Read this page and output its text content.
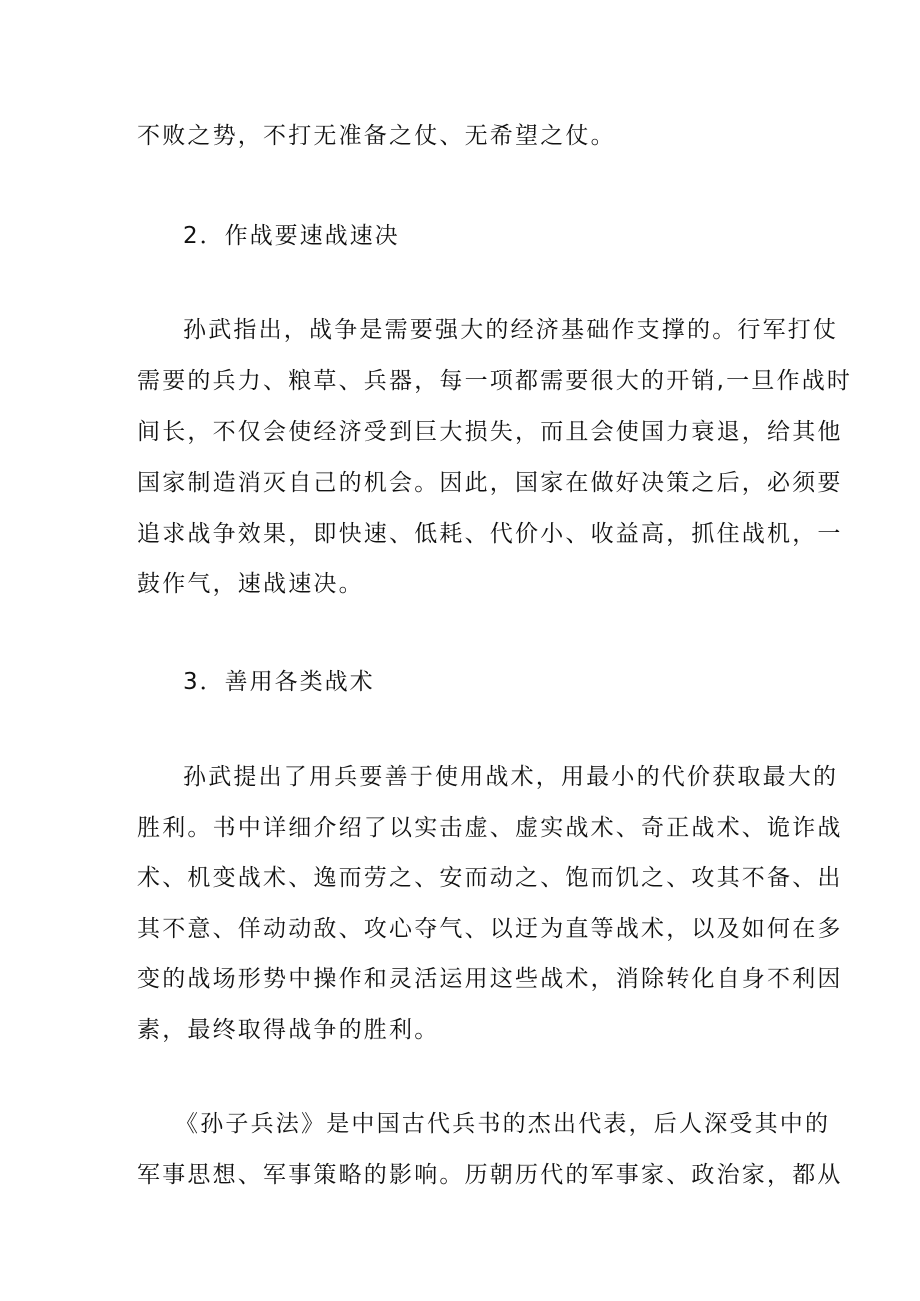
不败之势，不打无准备之仗、无希望之仗。
2．作战要速战速决
孙武指出，战争是需要强大的经济基础作支撑的。行军打仗
需要的兵力、粮草、兵器，每一项都需要很大的开销,一旦作战时
间长，不仅会使经济受到巨大损失，而且会使国力衰退，给其他
国家制造消灭自己的机会。因此，国家在做好决策之后，必须要
追求战争效果，即快速、低耗、代价小、收益高，抓住战机，一
鼓作气，速战速决。
3．善用各类战术
孙武提出了用兵要善于使用战术，用最小的代价获取最大的
胜利。书中详细介绍了以实击虚、虚实战术、奇正战术、诡诈战
术、机变战术、逸而劳之、安而动之、饱而饥之、攻其不备、出
其不意、佯动动敌、攻心夺气、以迂为直等战术，以及如何在多
变的战场形势中操作和灵活运用这些战术，消除转化自身不利因
素，最终取得战争的胜利。
《孙子兵法》是中国古代兵书的杰出代表，后人深受其中的
军事思想、军事策略的影响。历朝历代的军事家、政治家，都从
